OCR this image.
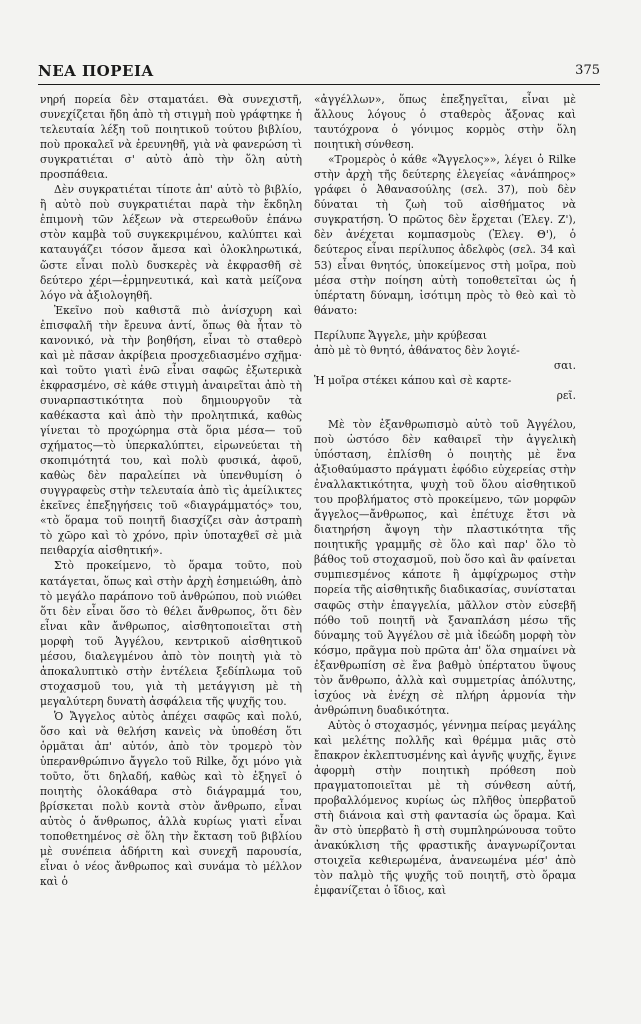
ΝΕΑ ΠΟΡΕΙΑ	375

νηρή πορεία δὲν σταματάει. Θὰ συνεχιστῆ, συνεχίζεται ἤδη ἀπὸ τὴ στιγμὴ ποὺ γράφτηκε ἡ τελευταία λέξη τοῦ ποιητικοῦ τούτου βιβλίου, ποὺ προκαλεῖ νὰ ἐρευνηθῆ, γιὰ νὰ φανερώση τὶ συγκρατιέται σ' αὐτὸ ἀπὸ τὴν ὅλη αὐτὴ προσπάθεια.

Δὲν συγκρατιέται τίποτε ἀπ' αὐτὸ τὸ βιβλίο, ἢ αὐτὸ ποὺ συγκρατιέται παρὰ τὴν ἔκδηλη ἐπιμονὴ τῶν λέξεων νὰ στερεωθοῦν ἐπάνω στὸν καμβὰ τοῦ συγκεκριμένου, καλύπτει καὶ καταυγάζει τόσον ἄμεσα καὶ ὁλοκληρωτικά, ὥστε εἶναι πολὺ δυσκερὲς νὰ ἐκφρασθῆ σὲ δεύτερο χέρι—ἑρμηνευτικά, καὶ κατὰ μείζονα λόγο νὰ ἀξιολογηθῆ.

Ἐκεῖνο ποὺ καθιστᾶ πιὸ ἀνίσχυρη καὶ ἐπισφαλῆ τὴν ἔρευνα ἀντί, ὅπως θὰ ἦταν τὸ κανονικό, νὰ τὴν βοηθήση, εἶναι τὸ σταθερὸ καὶ μὲ πᾶσαν ἀκρίβεια προσχεδιασμένο σχῆμα· καὶ τοῦτο γιατὶ ἐνῶ εἶναι σαφῶς ἐξωτερικὰ ἐκφρασμένο, σὲ κάθε στιγμὴ ἀναιρεῖται ἀπὸ τὴ συναρπαστικότητα ποὺ δημιουργοῦν τὰ καθέκαστα καὶ ἀπὸ τὴν προλητπικά, καθὼς γίνεται τὸ προχώρημα στὰ ὅρια μέσα— τοῦ σχήματος—τὸ ὑπερκαλύπτει, εἰρωνεύεται τὴ σκοπιμότητά του, καὶ πολὺ φυσικά, ἀφοῦ, καθὼς δὲν παραλείπει νὰ ὑπενθυμίση ὁ συγγραφεὺς στὴν τελευταία ἀπὸ τὶς ἀμείλικτες ἐκεῖνες ἐπεξηγήσεις τοῦ «διαγράμματός» του, «τὸ ὅραμα τοῦ ποιητῆ διασχίζει σὰν ἀστραπὴ τὸ χῶρο καὶ τὸ χρόνο, πρὶν ὑποταχθεῖ σὲ μιὰ πειθαρχία αἰσθητική».

Στὸ προκείμενο, τὸ ὅραμα τοῦτο, ποὺ κατάγεται, ὅπως καὶ στὴν ἀρχὴ ἐσημειώθη, ἀπὸ τὸ μεγάλο παράπονο τοῦ ἀνθρώπου, ποὺ νιώθει ὅτι δὲν εἶναι ὅσο τὸ θέλει ἄνθρωπος, ὅτι δὲν εἶναι κἂν ἄνθρωπος, αἰσθητοποιεῖται στὴ μορφὴ τοῦ Ἀγγέλου, κεντρικοῦ αἰσθητικοῦ μέσου, διαλεγμένου ἀπὸ τὸν ποιητὴ γιὰ τὸ ἀποκαλυπτικὸ στὴν ἐντέλεια ξεδίπλωμα τοῦ στοχασμοῦ του, γιὰ τὴ μετάγγιση μὲ τὴ μεγαλύτερη δυνατὴ ἀσφάλεια τῆς ψυχῆς του.

Ὁ Ἄγγελος αὐτὸς ἀπέχει σαφῶς καὶ πολύ, ὅσο καὶ νὰ θελήση κανεὶς νὰ ὑποθέση ὅτι ὁρμᾶται ἀπ' αὐτόν, ἀπὸ τὸν τρομερὸ τὸν ὑπερανθρώπινο ἄγγελο τοῦ Rilke, ὄχι μόνο γιὰ τοῦτο, ὅτι δηλαδή, καθὼς καὶ τὸ ἐξηγεῖ ὁ ποιητὴς ὁλοκάθαρα στὸ διάγραμμά του, βρίσκεται πολὺ κοντὰ στὸν ἄνθρωπο, εἶναι αὐτὸς ὁ ἄνθρωπος, ἀλλὰ κυρίως γιατὶ εἶναι τοποθετημένος σὲ ὅλη τὴν ἔκταση τοῦ βιβλίου μὲ συνέπεια ἀδήριτη καὶ συνεχῆ παρουσία, εἶναι ὁ νέος ἄνθρωπος καὶ συνάμα τὸ μέλλον καὶ ὁ

«ἀγγέλλων», ὅπως ἐπεξηγεῖται, εἶναι μὲ ἄλλους λόγους ὁ σταθερὸς ἄξονας καὶ ταυτόχρονα ὁ γόνιμος κορμὸς στὴν ὅλη ποιητικὴ σύνθεση.

«Τρομερὸς ὁ κάθε «Ἄγγελος»», λέγει ὁ Rilke στὴν ἀρχὴ τῆς δεύτερης ἐλεγείας «ἀνάπηρος» γράφει ὁ Ἀθανασούλης (σελ. 37), ποὺ δὲν δύναται τὴ ζωὴ τοῦ αἰσθήματος νὰ συγκρατήση. Ὁ πρῶτος δὲν ἔρχεται (Ἐλεγ. Ζ'), δὲν ἀνέχεται κομπασμοὺς (Ἐλεγ. Θ'), ὁ δεύτερος εἶναι περίλυπος ἀδελφὸς (σελ. 34 καὶ 53) εἶναι θνητός, ὑποκείμενος στὴ μοῖρα, ποὺ μέσα στὴν ποίηση αὐτὴ τοποθετεῖται ὡς ἡ ὑπέρτατη δύναμη, ἰσότιμη πρὸς τὸ θεὸ καὶ τὸ θάνατο:

Περίλυπε Ἄγγελε, μὴν κρύβεσαι

ἀπὸ μὲ τὸ θνητό, ἀθάνατος δὲν λογιέ-

σαι.

Ἡ μοῖρα στέκει κάπου καὶ σὲ καρτε-

ρεῖ.

Μὲ τὸν ἐξανθρωπισμὸ αὐτὸ τοῦ Ἀγγέλου, ποὺ ὡστόσο δὲν καθαιρεῖ τὴν ἀγγελικὴ ὑπόσταση, ἐπλίσθη ὁ ποιητὴς μὲ ἕνα ἀξιοθαύμαστο πράγματι ἐφόδιο εὐχερείας στὴν ἐναλλακτικότητα, ψυχὴ τοῦ ὅλου αἰσθητικοῦ του προβλήματος στὸ προκείμενο, τῶν μορφῶν ἄγγελος—ἄνθρωπος, καὶ ἐπέτυχε ἔτσι νὰ διατηρήση ἄψογη τὴν πλαστικότητα τῆς ποιητικῆς γραμμῆς σὲ ὅλο καὶ παρ' ὅλο τὸ βάθος τοῦ στοχασμοῦ, ποὺ ὅσο καὶ ἂν φαίνεται συμπιεσμένος κάποτε ἢ ἀμφίχρωμος στὴν πορεία τῆς αἰσθητικῆς διαδικασίας, συνίσταται σαφῶς στὴν ἐπαγγελία, μᾶλλον στὸν εὐσεβῆ πόθο τοῦ ποιητῆ νὰ ξαναπλάση μέσω τῆς δύναμης τοῦ Ἀγγέλου σὲ μιὰ ἰδεώδη μορφὴ τὸν κόσμο, πρᾶγμα ποὺ πρῶτα ἀπ' ὅλα σημαίνει νὰ ἐξανθρωπίση σὲ ἕνα βαθμὸ ὑπέρτατου ὕψους τὸν ἄνθρωπο, ἀλλὰ καὶ συμμετρίας ἀπόλυτης, ἰσχύος νὰ ἐνέχη σὲ πλήρη ἁρμονία τὴν ἀνθρώπινη δυαδικότητα.

Αὐτὸς ὁ στοχασμός, γέννημα πείρας μεγάλης καὶ μελέτης πολλῆς καὶ θρέμμα μιᾶς στὸ ἔπακρον ἐκλεπτυσμένης καὶ ἁγνῆς ψυχῆς, ἔγινε ἀφορμὴ στὴν ποιητικὴ πρόθεση ποὺ πραγματοποιεῖται μὲ τὴ σύνθεση αὐτή, προβαλλόμενος κυρίως ὡς πλῆθος ὑπερβατοῦ στὴ διάνοια καὶ στὴ φαντασία ὡς ὅραμα. Καὶ ἂν στὸ ὑπερβατὸ ἢ στὴ συμπληρώνουσα τοῦτο ἀνακύκλιση τῆς φραστικῆς ἀναγνωρίζονται στοιχεῖα κεθιερωμένα, ἀνανεωμένα μέσ' ἀπὸ τὸν παλμὸ τῆς ψυχῆς τοῦ ποιητῆ, στὸ ὅραμα ἐμφανίζεται ὁ ἴδιος, καὶ
